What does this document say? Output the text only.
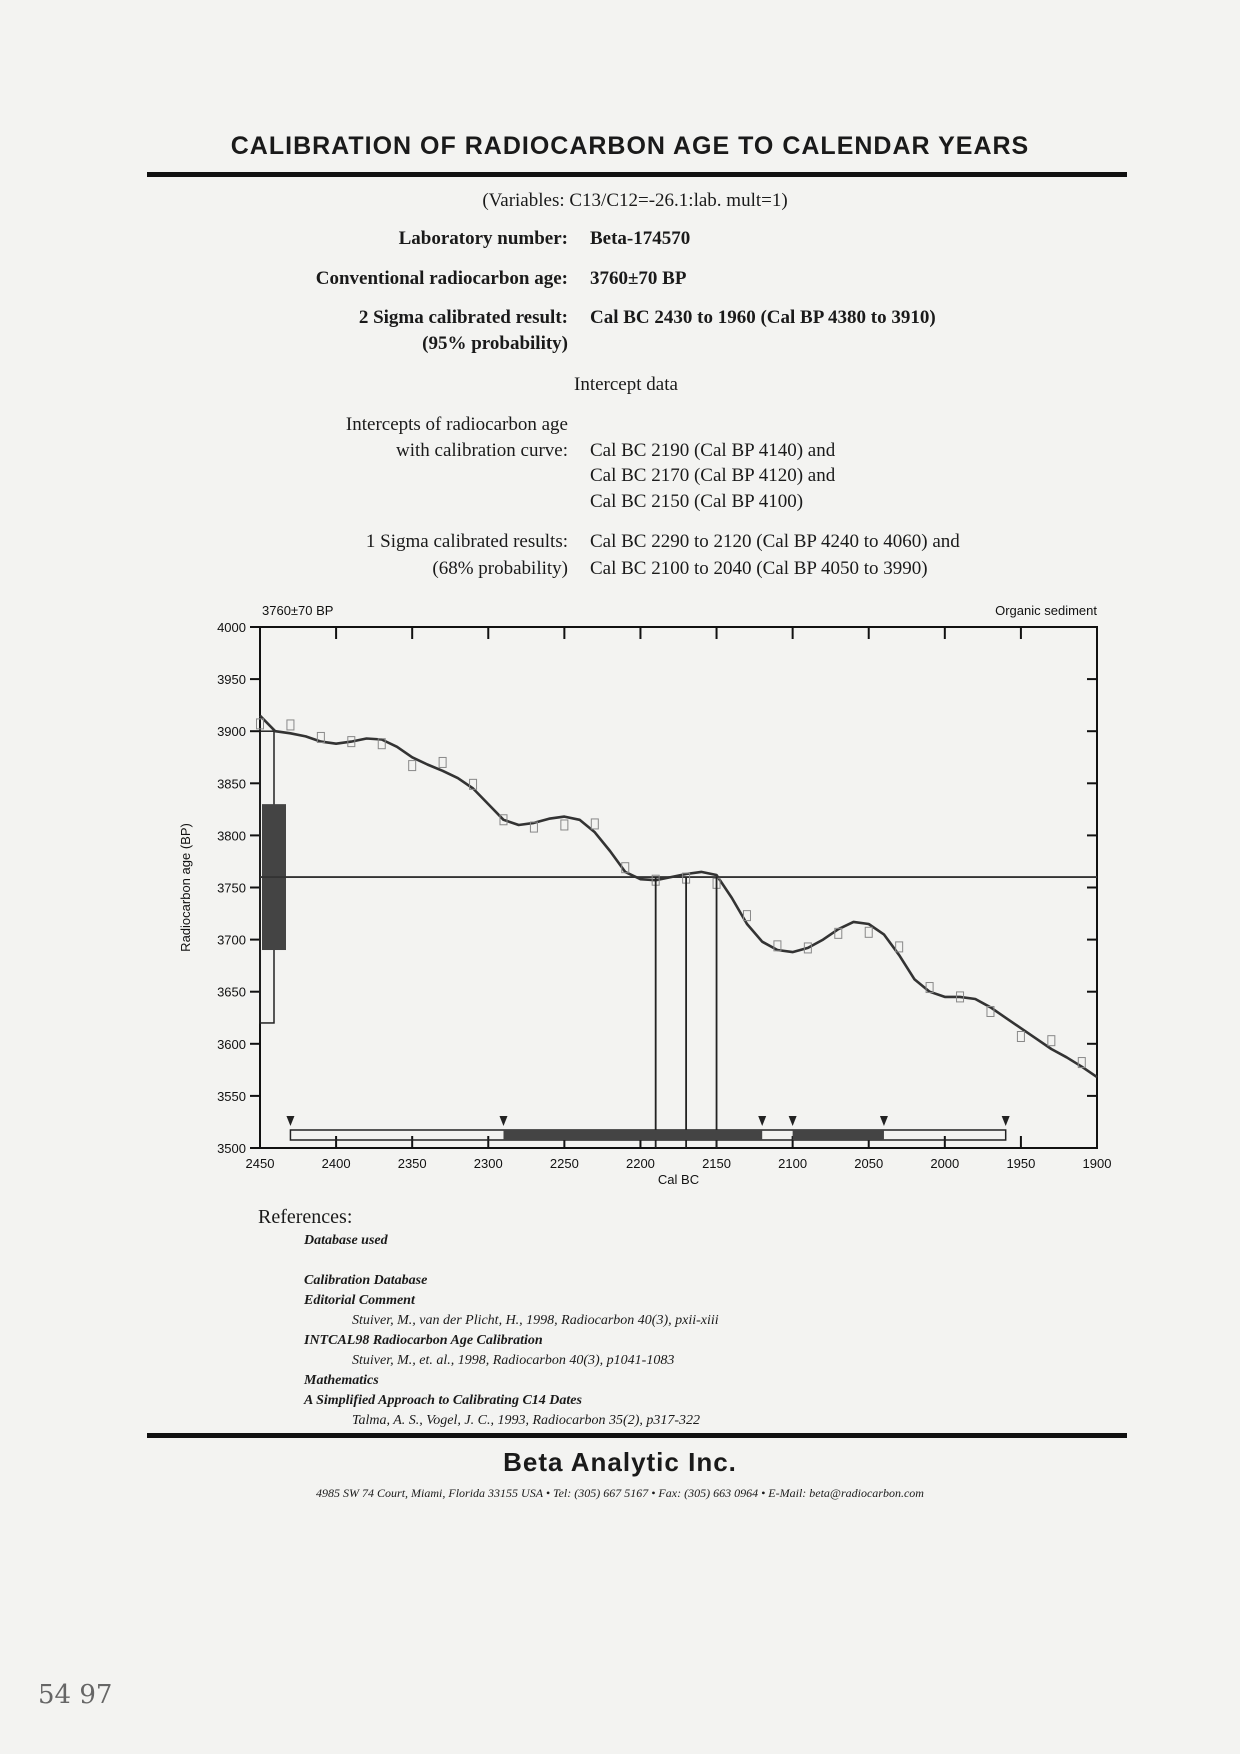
CALIBRATION OF RADIOCARBON AGE TO CALENDAR YEARS
(Variables: C13/C12=-26.1:lab. mult=1)
Laboratory number: Beta-174570
Conventional radiocarbon age: 3760±70 BP
2 Sigma calibrated result:
(95% probability)
Cal BC 2430 to 1960 (Cal BP 4380 to 3910)
Intercept data
Intercepts of radiocarbon age
with calibration curve: Cal BC 2190 (Cal BP 4140) and
Cal BC 2170 (Cal BP 4120) and
Cal BC 2150 (Cal BP 4100)
1 Sigma calibrated results:
(68% probability)
Cal BC 2290 to 2120 (Cal BP 4240 to 4060) and
Cal BC 2100 to 2040 (Cal BP 4050 to 3990)
4000
3950
3900
3850
3800
3750
3700
3650
3600
3550
3500
2450	2400	2350	2300	2250	2200	2150	2100	2050	2000	1950	1900
Cal BC
Radiocarbon age (BP)
3760±70 BP	Organic sediment
References:
Database used
Calibration Database
Editorial Comment
Stuiver, M., van der Plicht, H., 1998, Radiocarbon 40(3), pxii-xiii
INTCAL98 Radiocarbon Age Calibration
Stuiver, M., et. al., 1998, Radiocarbon 40(3), p1041-1083
Mathematics
A Simplified Approach to Calibrating C14 Dates
Talma, A. S., Vogel, J. C., 1993, Radiocarbon 35(2), p317-322
Beta Analytic Inc.
4985 SW 74 Court, Miami, Florida 33155 USA • Tel: (305) 667 5167 • Fax: (305) 663 0964 • E-Mail: beta@radiocarbon.com
54 97
